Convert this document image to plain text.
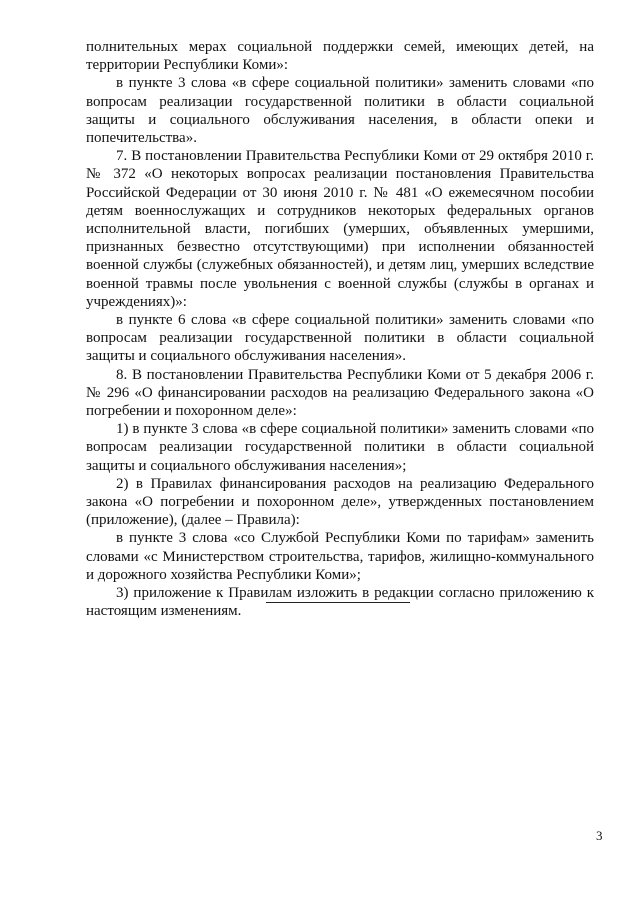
полнительных мерах социальной поддержки семей, имеющих детей, на территории Республики Коми»:

в пункте 3 слова «в сфере социальной политики» заменить словами «по вопросам реализации государственной политики в области социальной защиты и социального обслуживания населения, в области опеки и попечительства».

7. В постановлении Правительства Республики Коми от 29 октября 2010 г. № 372 «О некоторых вопросах реализации постановления Правительства Российской Федерации от 30 июня 2010 г. № 481 «О ежемесячном пособии детям военнослужащих и сотрудников некоторых федеральных органов исполнительной власти, погибших (умерших, объявленных умершими, признанных безвестно отсутствующими) при исполнении обязанностей военной службы (служебных обязанностей), и детям лиц, умерших вследствие военной травмы после увольнения с военной службы (службы в органах и учреждениях)»:

в пункте 6 слова «в сфере социальной политики» заменить словами «по вопросам реализации государственной политики в области социальной защиты и социального обслуживания населения».

8. В постановлении Правительства Республики Коми от 5 декабря 2006 г. № 296 «О финансировании расходов на реализацию Федерального закона «О погребении и похоронном деле»:

1) в пункте 3 слова «в сфере социальной политики» заменить словами «по вопросам реализации государственной политики в области социальной защиты и социального обслуживания населения»;

2) в Правилах финансирования расходов на реализацию Федерального закона «О погребении и похоронном деле», утвержденных постановлением (приложение), (далее – Правила):

в пункте 3 слова «со Службой Республики Коми по тарифам» заменить словами «с Министерством строительства, тарифов, жилищно-коммунального и дорожного хозяйства Республики Коми»;

3) приложение к Правилам изложить в редакции согласно приложению к настоящим изменениям.

3
